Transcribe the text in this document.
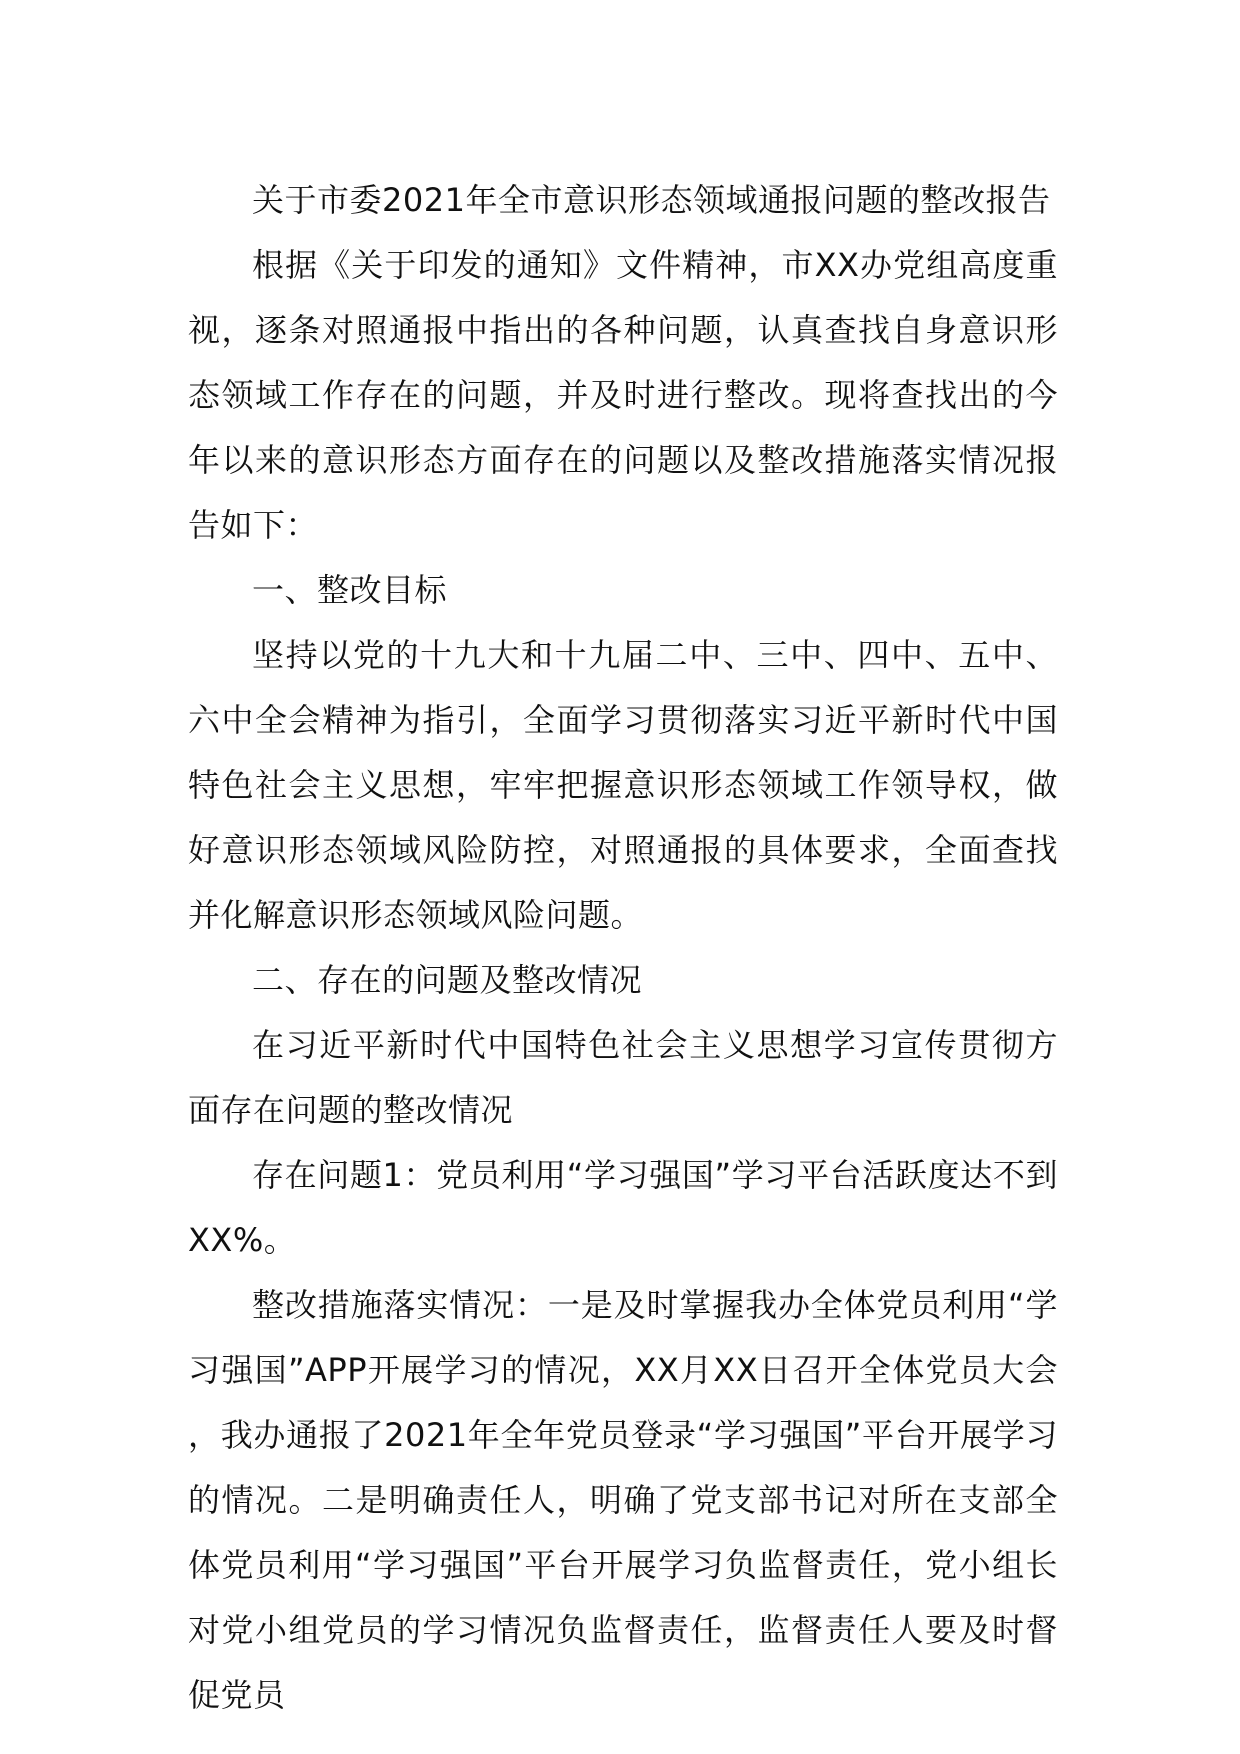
关于市委2021年全市意识形态领域通报问题的整改报告

根据《关于印发的通知》文件精神，市XX办党组高度重视，逐条对照通报中指出的各种问题，认真查找自身意识形态领域工作存在的问题，并及时进行整改。现将查找出的今年以来的意识形态方面存在的问题以及整改措施落实情况报告如下：

一、整改目标

坚持以党的十九大和十九届二中、三中、四中、五中、六中全会精神为指引，全面学习贯彻落实习近平新时代中国特色社会主义思想，牢牢把握意识形态领域工作领导权，做好意识形态领域风险防控，对照通报的具体要求，全面查找并化解意识形态领域风险问题。

二、存在的问题及整改情况

在习近平新时代中国特色社会主义思想学习宣传贯彻方面存在问题的整改情况

存在问题1：党员利用“学习强国”学习平台活跃度达不到XX%。

整改措施落实情况：一是及时掌握我办全体党员利用“学习强国”APP开展学习的情况，XX月XX日召开全体党员大会，我办通报了2021年全年党员登录“学习强国”平台开展学习的情况。二是明确责任人，明确了党支部书记对所在支部全体党员利用“学习强国”平台开展学习负监督责任，党小组长对党小组党员的学习情况负监督责任，监督责任人要及时督促党员
